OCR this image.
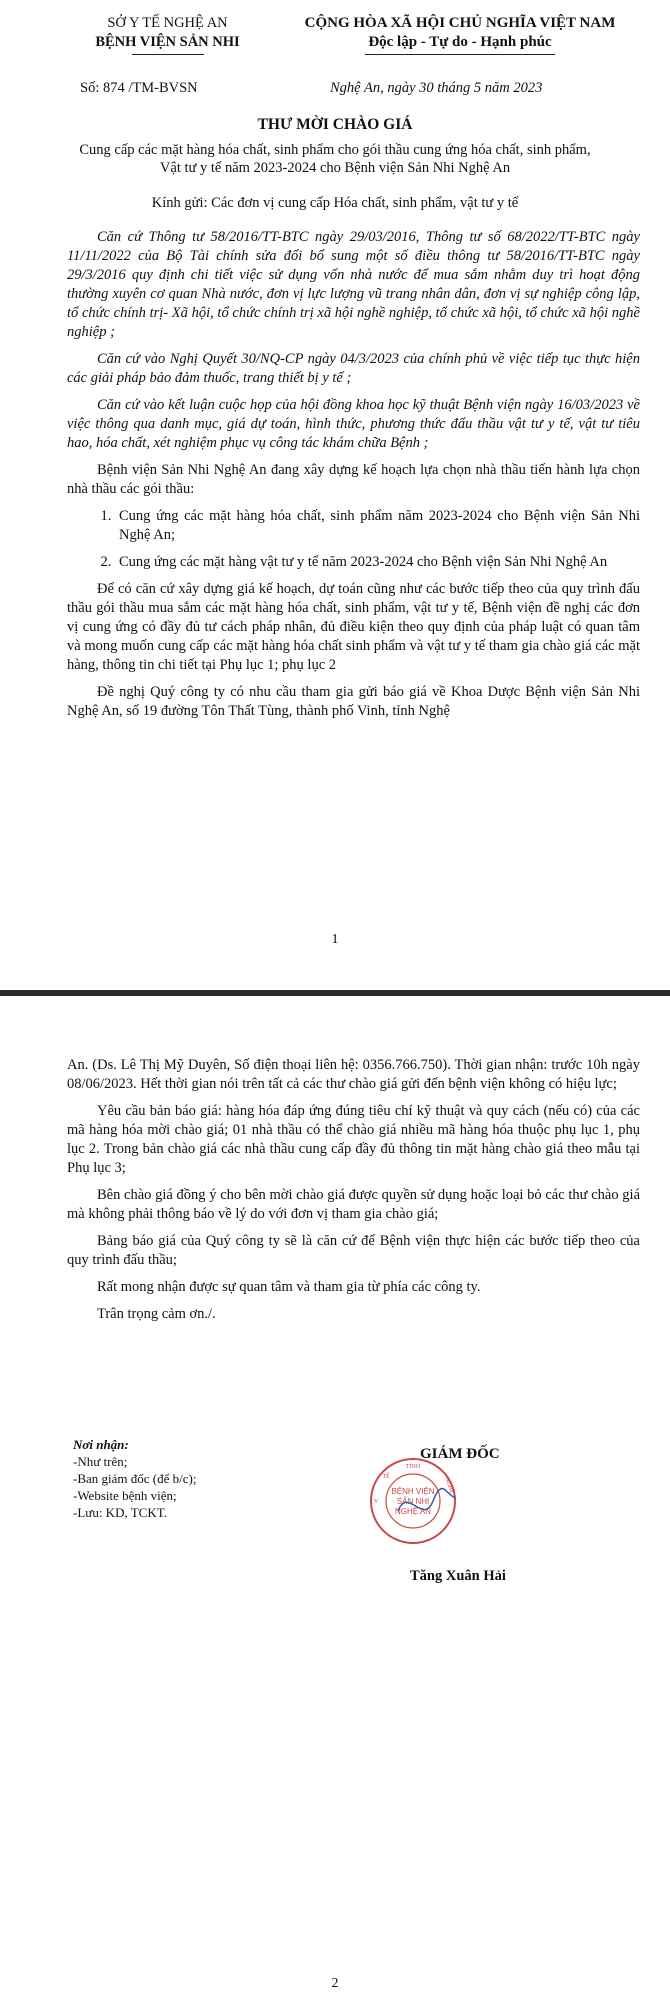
SỞ Y TẾ NGHỆ AN
BỆNH VIỆN SẢN NHI
CỘNG HÒA XÃ HỘI CHỦ NGHĨA VIỆT NAM
Độc lập - Tự do - Hạnh phúc
Số: 874 /TM-BVSN	Nghệ An, ngày 30 tháng 5 năm 2023
THƯ MỜI CHÀO GIÁ
Cung cấp các mặt hàng hóa chất, sinh phẩm cho gói thầu cung ứng hóa chất, sinh phẩm, Vật tư y tế năm 2023-2024 cho Bệnh viện Sản Nhi Nghệ An
Kính gửi: Các đơn vị cung cấp Hóa chất, sinh phẩm, vật tư y tế

Căn cứ Thông tư 58/2016/TT-BTC ngày 29/03/2016, Thông tư số 68/2022/TT-BTC ngày 11/11/2022 của Bộ Tài chính sửa đổi bổ sung một số điều thông tư 58/2016/TT-BTC ngày 29/3/2016 quy định chi tiết việc sử dụng vốn nhà nước để mua sắm nhằm duy trì hoạt động thường xuyên cơ quan Nhà nước, đơn vị lực lượng vũ trang nhân dân, đơn vị sự nghiệp công lập, tổ chức chính trị- Xã hội, tổ chức chính trị xã hội nghề nghiệp, tổ chức xã hội, tổ chức xã hội nghề nghiệp ;

Căn cứ vào Nghị Quyết 30/NQ-CP ngày 04/3/2023 của chính phủ về việc tiếp tục thực hiện các giải pháp bảo đảm thuốc, trang thiết bị y tế ;

Căn cứ vào kết luận cuộc họp của hội đồng khoa học kỹ thuật Bệnh viện ngày 16/03/2023 về việc thông qua danh mục, giá dự toán, hình thức, phương thức đấu thầu vật tư y tế, vật tư tiêu hao, hóa chất, xét nghiệm phục vụ công tác khám chữa Bệnh ;

Bệnh viện Sản Nhi Nghệ An đang xây dựng kế hoạch lựa chọn nhà thầu tiến hành lựa chọn nhà thầu các gói thầu:

1. Cung ứng các mặt hàng hóa chất, sinh phẩm năm 2023-2024 cho Bệnh viện Sản Nhi Nghệ An;
2. Cung ứng các mặt hàng vật tư y tế năm 2023-2024 cho Bệnh viện Sản Nhi Nghệ An

Để có căn cứ xây dựng giá kế hoạch, dự toán cũng như các bước tiếp theo của quy trình đấu thầu gói thầu mua sắm các mặt hàng hóa chất, sinh phẩm, vật tư y tế, Bệnh viện đề nghị các đơn vị cung ứng có đầy đủ tư cách pháp nhân, đủ điều kiện theo quy định của pháp luật có quan tâm và mong muốn cung cấp các mặt hàng hóa chất sinh phẩm và vật tư y tế tham gia chào giá các mặt hàng, thông tin chi tiết tại Phụ lục 1; phụ lục 2

Đề nghị Quý công ty có nhu cầu tham gia gửi báo giá về Khoa Dược Bệnh viện Sản Nhi Nghệ An, số 19 đường Tôn Thất Tùng, thành phố Vinh, tỉnh Nghệ

1

An. (Ds. Lê Thị Mỹ Duyên, Số điện thoại liên hệ: 0356.766.750). Thời gian nhận: trước 10h ngày 08/06/2023. Hết thời gian nói trên tất cả các thư chào giá gửi đến bệnh viện không có hiệu lực;

Yêu cầu bản báo giá: hàng hóa đáp ứng đúng tiêu chí kỹ thuật và quy cách (nếu có) của các mã hàng hóa mời chào giá; 01 nhà thầu có thể chào giá nhiều mã hàng hóa thuộc phụ lục 1, phụ lục 2. Trong bản chào giá các nhà thầu cung cấp đầy đủ thông tin mặt hàng chào giá theo mẫu tại Phụ lục 3;

Bên chào giá đồng ý cho bên mời chào giá được quyền sử dụng hoặc loại bỏ các thư chào giá mà không phải thông báo về lý do với đơn vị tham gia chào giá;

Bảng báo giá của Quý công ty sẽ là căn cứ để Bệnh viện thực hiện các bước tiếp theo của quy trình đấu thầu;

Rất mong nhận được sự quan tâm và tham gia từ phía các công ty.

Trân trọng cảm ơn./.

Nơi nhận:
-Như trên;
-Ban giám đốc (để b/c);
-Website bệnh viện;
-Lưu: KD, TCKT.
GIÁM ĐỐC
TỈNH
Y
TẾ	NGHỆ
BỆNH VIỆN
SẢN NHI
NGHỆ AN
Tăng Xuân Hải
2
